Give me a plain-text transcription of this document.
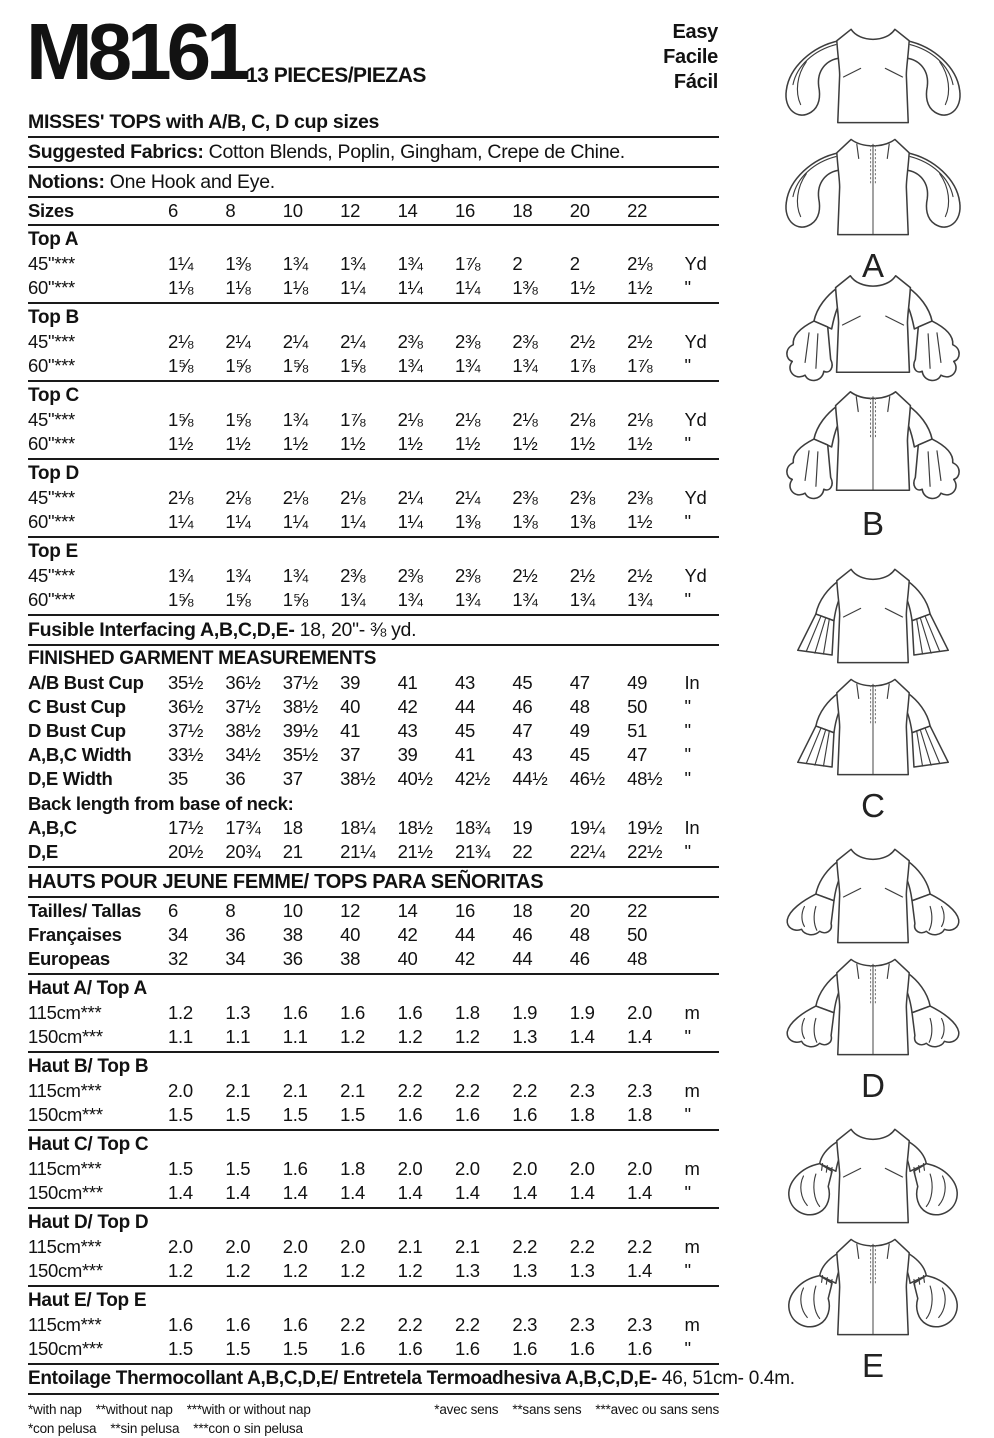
M8161 13 PIECES/PIEZAS
Easy
Facile
Fácil
MISSES' TOPS with A/B, C, D cup sizes
Suggested Fabrics: Cotton Blends, Poplin, Gingham, Crepe de Chine.
Notions: One Hook and Eye.
Sizes	6	8	10	12	14	16	18	20	22
Top A
45"***	1¼	1⅜	1¾	1¾	1¾	1⅞	2	2	2⅛	Yd
60"***	1⅛	1⅛	1⅛	1¼	1¼	1¼	1⅜	1½	1½	"
Top B
45"***	2⅛	2¼	2¼	2¼	2⅜	2⅜	2⅜	2½	2½	Yd
60"***	1⅝	1⅝	1⅝	1⅝	1¾	1¾	1¾	1⅞	1⅞	"
Top C
45"***	1⅝	1⅝	1¾	1⅞	2⅛	2⅛	2⅛	2⅛	2⅛	Yd
60"***	1½	1½	1½	1½	1½	1½	1½	1½	1½	"
Top D
45"***	2⅛	2⅛	2⅛	2⅛	2¼	2¼	2⅜	2⅜	2⅜	Yd
60"***	1¼	1¼	1¼	1¼	1¼	1⅜	1⅜	1⅜	1½	"
Top E
45"***	1¾	1¾	1¾	2⅜	2⅜	2⅜	2½	2½	2½	Yd
60"***	1⅝	1⅝	1⅝	1¾	1¾	1¾	1¾	1¾	1¾	"
Fusible Interfacing A,B,C,D,E- 18, 20"- ⅜ yd.
FINISHED GARMENT MEASUREMENTS
A/B Bust Cup	35½	36½	37½	39	41	43	45	47	49	In
C Bust Cup	36½	37½	38½	40	42	44	46	48	50	"
D Bust Cup	37½	38½	39½	41	43	45	47	49	51	"
A,B,C Width	33½	34½	35½	37	39	41	43	45	47	"
D,E Width	35	36	37	38½	40½	42½	44½	46½	48½	"
Back length from base of neck:
A,B,C	17½	17¾	18	18¼	18½	18¾	19	19¼	19½	In
D,E	20½	20¾	21	21¼	21½	21¾	22	22¼	22½	"
HAUTS POUR JEUNE FEMME/ TOPS PARA SEÑORITAS
Tailles/ Tallas	6	8	10	12	14	16	18	20	22
Françaises	34	36	38	40	42	44	46	48	50
Europeas	32	34	36	38	40	42	44	46	48
Haut A/ Top A
115cm***	1.2	1.3	1.6	1.6	1.6	1.8	1.9	1.9	2.0	m
150cm***	1.1	1.1	1.1	1.2	1.2	1.2	1.3	1.4	1.4	"
Haut B/ Top B
115cm***	2.0	2.1	2.1	2.1	2.2	2.2	2.2	2.3	2.3	m
150cm***	1.5	1.5	1.5	1.5	1.6	1.6	1.6	1.8	1.8	"
Haut C/ Top C
115cm***	1.5	1.5	1.6	1.8	2.0	2.0	2.0	2.0	2.0	m
150cm***	1.4	1.4	1.4	1.4	1.4	1.4	1.4	1.4	1.4	"
Haut D/ Top D
115cm***	2.0	2.0	2.0	2.0	2.1	2.1	2.2	2.2	2.2	m
150cm***	1.2	1.2	1.2	1.2	1.2	1.3	1.3	1.3	1.4	"
Haut E/ Top E
115cm***	1.6	1.6	1.6	2.2	2.2	2.2	2.3	2.3	2.3	m
150cm***	1.5	1.5	1.5	1.6	1.6	1.6	1.6	1.6	1.6	"
Entoilage Thermocollant A,B,C,D,E/ Entretela Termoadhesiva A,B,C,D,E- 46, 51cm- 0.4m.
*with nap **without nap ***with or without nap	*avec sens **sans sens ***avec ou sans sens
*con pelusa **sin pelusa ***con o sin pelusa
A
B
C
D
E
